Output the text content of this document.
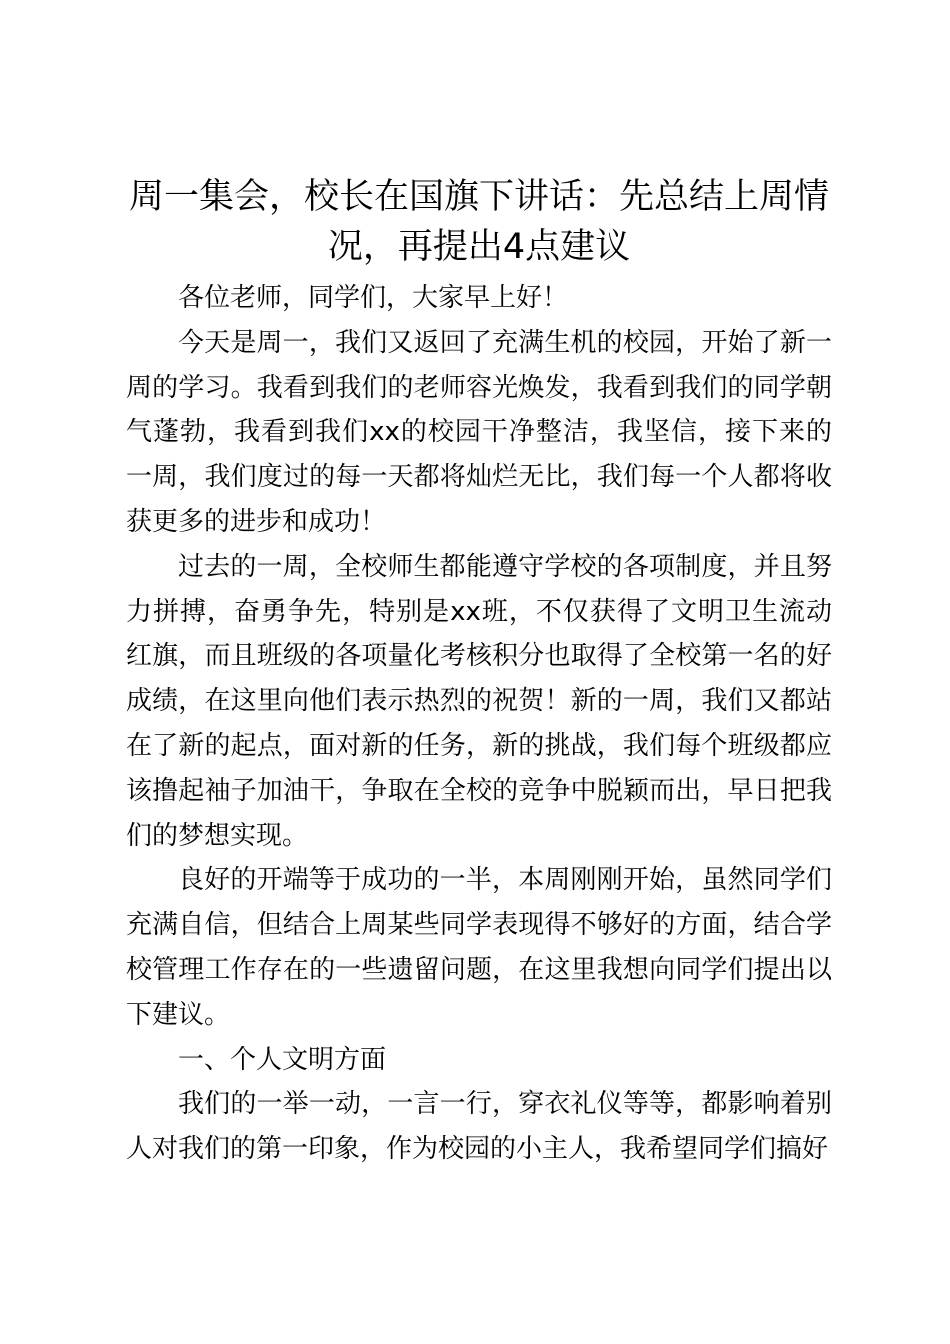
周一集会，校长在国旗下讲话：先总结上周情况，再提出4点建议

各位老师，同学们，大家早上好！

今天是周一，我们又返回了充满生机的校园，开始了新一周的学习。我看到我们的老师容光焕发，我看到我们的同学朝气蓬勃，我看到我们xx的校园干净整洁，我坚信，接下来的一周，我们度过的每一天都将灿烂无比，我们每一个人都将收获更多的进步和成功！

过去的一周，全校师生都能遵守学校的各项制度，并且努力拼搏，奋勇争先，特别是xx班，不仅获得了文明卫生流动红旗，而且班级的各项量化考核积分也取得了全校第一名的好成绩，在这里向他们表示热烈的祝贺！新的一周，我们又都站在了新的起点，面对新的任务，新的挑战，我们每个班级都应该撸起袖子加油干，争取在全校的竞争中脱颖而出，早日把我们的梦想实现。

良好的开端等于成功的一半，本周刚刚开始，虽然同学们充满自信，但结合上周某些同学表现得不够好的方面，结合学校管理工作存在的一些遗留问题，在这里我想向同学们提出以下建议。

一、个人文明方面

我们的一举一动，一言一行，穿衣礼仪等等，都影响着别人对我们的第一印象，作为校园的小主人，我希望同学们搞好
